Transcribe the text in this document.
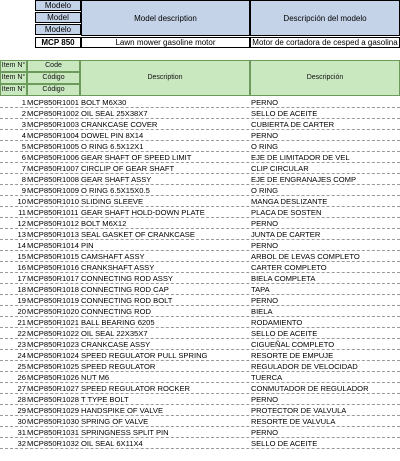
Modelo
Model
Modelo
Model description	Descripción del modelo
MCP 850	Lawn mower gasoline motor	Motor de cortadora de cesped a gasolina
Item N°
Item N°
Item N°
Code
Código
Código
Description	Descripción
1 MCP850R1001 BOLT M6X30	PERNO
2 MCP850R1002 OIL SEAL 25X38X7	SELLO DE ACEITE
3 MCP850R1003 CRANKCASE COVER	CUBIERTA DE CARTER
4 MCP850R1004 DOWEL PIN 8X14	PERNO
5 MCP850R1005 O RING 6.5X12X1	O RING
6 MCP850R1006 GEAR SHAFT OF SPEED LIMIT	EJE DE LIMITADOR DE VEL
7 MCP850R1007 CIRCLIP OF GEAR SHAFT	CLIP CIRCULAR
8 MCP850R1008 GEAR SHAFT ASSY	EJE DE ENGRANAJES COMP
9 MCP850R1009 O RING 6.5X15X0.5	O RING
10 MCP850R1010 SLIDING SLEEVE	MANGA DESLIZANTE
11 MCP850R1011 GEAR SHAFT HOLD-DOWN PLATE	PLACA DE SOSTEN
12 MCP850R1012 BOLT M6X12	PERNO
13 MCP850R1013 SEAL GASKET OF CRANKCASE	JUNTA DE CARTER
14 MCP850R1014 PIN	PERNO
15 MCP850R1015 CAMSHAFT ASSY	ARBOL DE LEVAS COMPLETO
16 MCP850R1016 CRANKSHAFT ASSY	CARTER COMPLETO
17 MCP850R1017 CONNECTING ROD ASSY	BIELA COMPLETA
18 MCP850R1018 CONNECTING ROD CAP	TAPA
19 MCP850R1019 CONNECTING ROD BOLT	PERNO
20 MCP850R1020 CONNECTING ROD	BIELA
21 MCP850R1021 BALL BEARING 6205	RODAMIENTO
22 MCP850R1022 OIL SEAL 22X35X7	SELLO DE ACEITE
23 MCP850R1023 CRANKCASE ASSY	CIGUEÑAL COMPLETO
24 MCP850R1024 SPEED REGULATOR PULL SPRING	RESORTE DE EMPUJE
25 MCP850R1025 SPEED REGULATOR	REGULADOR DE VELOCIDAD
26 MCP850R1026 NUT M6	TUERCA
27 MCP850R1027 SPEED REGULATOR ROCKER	CONMUTADOR DE REGULADOR
28 MCP850R1028 T TYPE BOLT	PERNO
29 MCP850R1029 HANDSPIKE OF VALVE	PROTECTOR DE VALVULA
30 MCP850R1030 SPRING OF VALVE	RESORTE DE VALVULA
31 MCP850R1031 SPRINGNESS SPLIT PIN	PERNO
32 MCP850R1032 OIL SEAL 6X11X4	SELLO DE ACEITE
